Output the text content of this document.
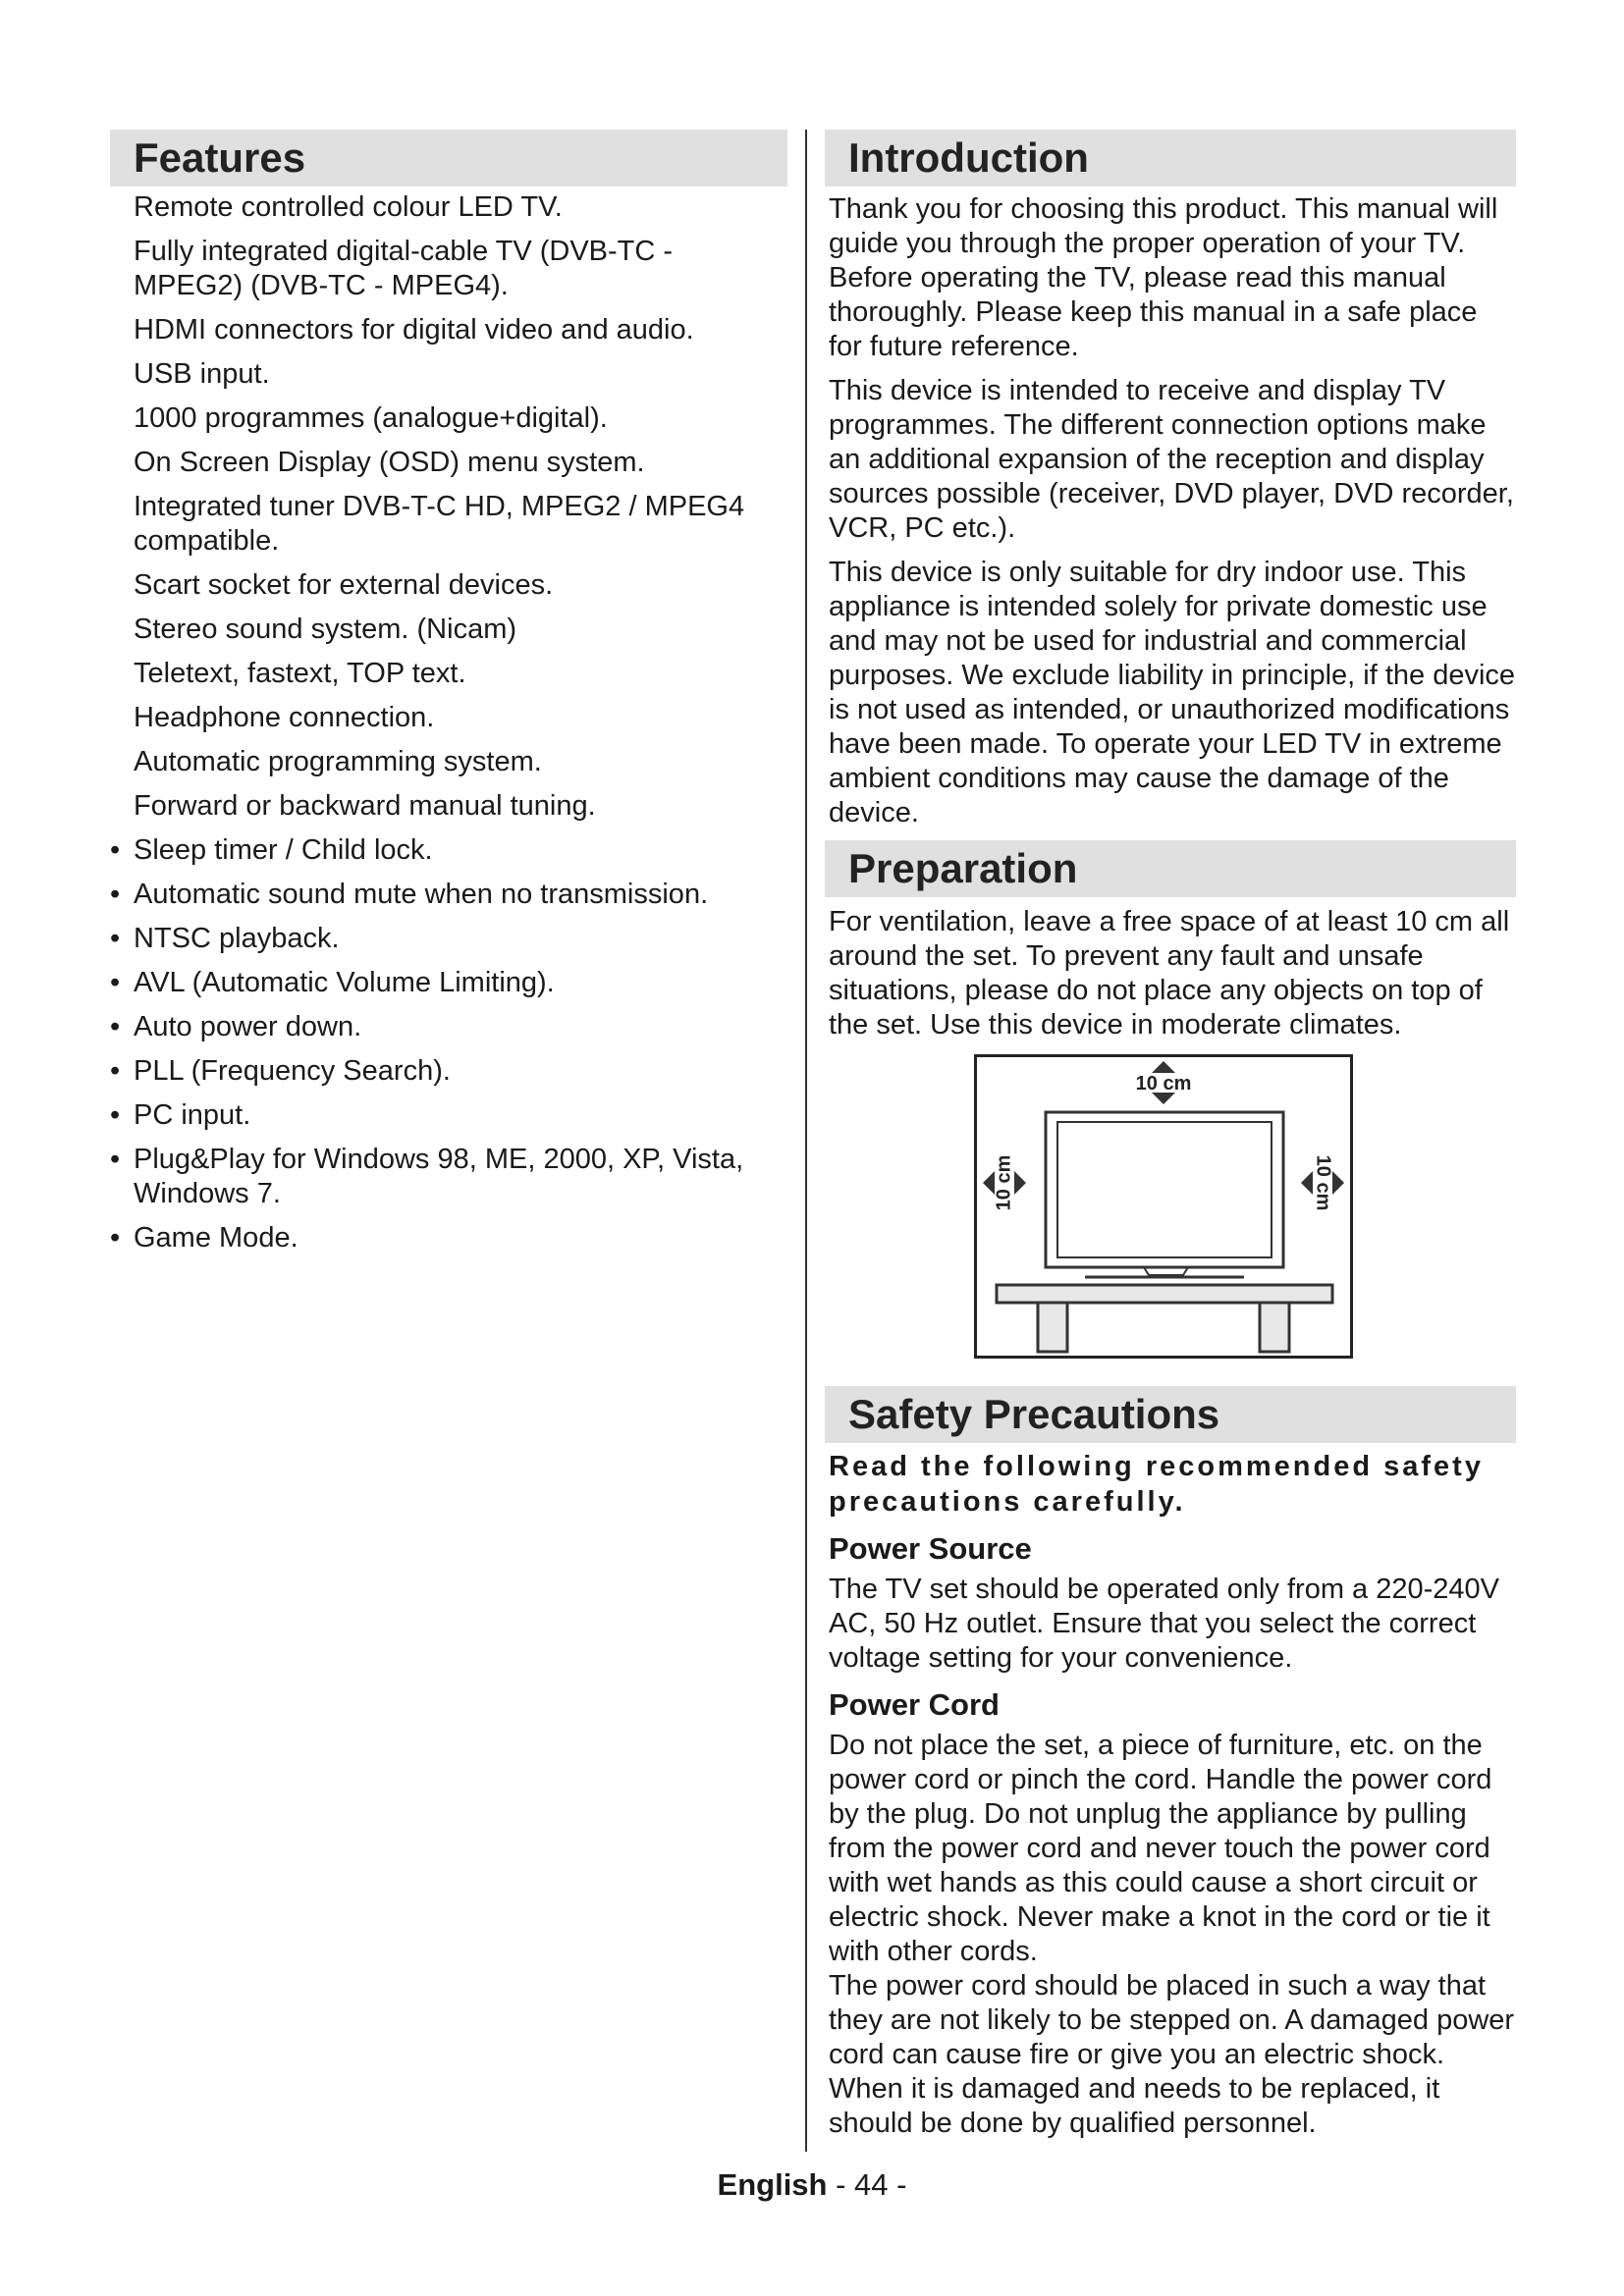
Features
Remote controlled colour LED TV.
Fully integrated digital-cable TV (DVB-TC - MPEG2) (DVB-TC - MPEG4).
HDMI connectors for digital video and audio.
USB input.
1000 programmes (analogue+digital).
On Screen Display (OSD) menu system.
Integrated tuner DVB-T-C HD, MPEG2 / MPEG4 compatible.
Scart socket for external devices.
Stereo sound system. (Nicam)
Teletext, fastext, TOP text.
Headphone connection.
Automatic programming system.
Forward or backward manual tuning.
• Sleep timer / Child lock.
• Automatic sound mute when no transmission.
• NTSC playback.
• AVL (Automatic Volume Limiting).
• Auto power down.
• PLL (Frequency Search).
• PC input.
• Plug&Play for Windows 98, ME, 2000, XP, Vista, Windows 7.
• Game Mode.
Introduction

Thank you for choosing this product. This manual will guide you through the proper operation of your TV. Before operating the TV, please read this manual thoroughly. Please keep this manual in a safe place for future reference.

This device is intended to receive and display TV programmes. The different connection options make an additional expansion of the reception and display sources possible (receiver, DVD player, DVD recorder, VCR, PC etc.).

This device is only suitable for dry indoor use. This appliance is intended solely for private domestic use and may not be used for industrial and commercial purposes. We exclude liability in principle, if the device is not used as intended, or unauthorized modifications have been made. To operate your LED TV in extreme ambient conditions may cause the damage of the device.

Preparation

For ventilation, leave a free space of at least 10 cm all around the set. To prevent any fault and unsafe situations, please do not place any objects on top of the set. Use this device in moderate climates.

10 cm
10 cm	10 cm
Safety Precautions

Read the following recommended safety precautions carefully.

Power Source

The TV set should be operated only from a 220-240V AC, 50 Hz outlet. Ensure that you select the correct voltage setting for your convenience.

Power Cord

Do not place the set, a piece of furniture, etc. on the power cord or pinch the cord. Handle the power cord by the plug. Do not unplug the appliance by pulling from the power cord and never touch the power cord with wet hands as this could cause a short circuit or electric shock. Never make a knot in the cord or tie it with other cords.

The power cord should be placed in such a way that they are not likely to be stepped on. A damaged power cord can cause fire or give you an electric shock. When it is damaged and needs to be replaced, it should be done by qualified personnel.

English - 44 -
